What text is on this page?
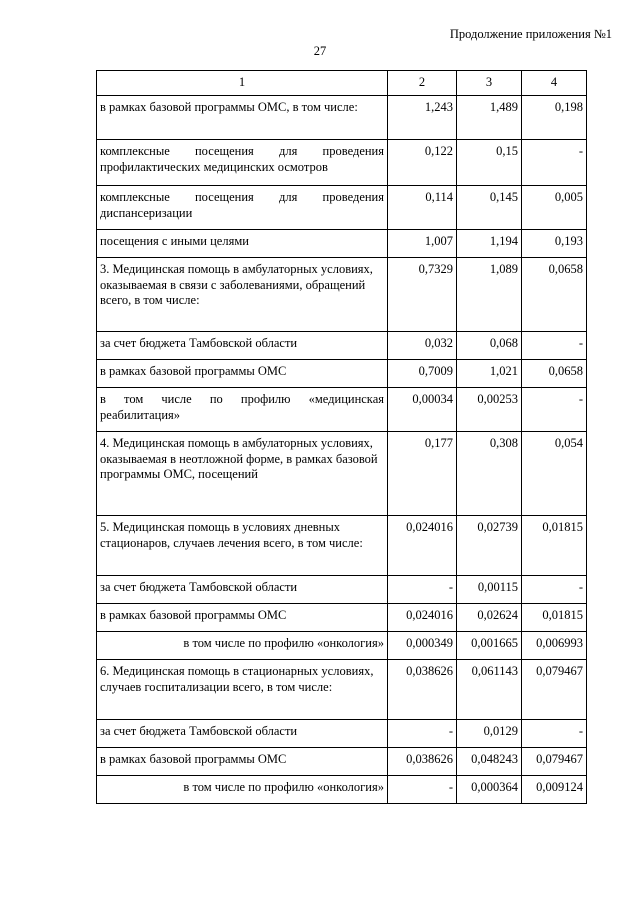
Продолжение приложения №1
27
1	2	3	4
в рамках базовой программы ОМС, в том числе:	1,243	1,489	0,198
комплексные посещения для проведения профилактических медицинских осмотров	0,122	0,15	-
комплексные посещения для проведения диспансеризации	0,114	0,145	0,005
посещения с иными целями	1,007	1,194	0,193
3. Медицинская помощь в амбулаторных условиях, оказываемая в связи с заболеваниями, обращений всего, в том числе:	0,7329	1,089	0,0658
за счет бюджета Тамбовской области	0,032	0,068	-
в рамках базовой программы ОМС	0,7009	1,021	0,0658
в том числе по профилю «медицинская реабилитация»	0,00034	0,00253	-
4. Медицинская помощь в амбулаторных условиях, оказываемая в неотложной форме, в рамках базовой программы ОМС, посещений	0,177	0,308	0,054
5. Медицинская помощь в условиях дневных стационаров, случаев лечения всего, в том числе:	0,024016	0,02739	0,01815
за счет бюджета Тамбовской области	-	0,00115	-
в рамках базовой программы ОМС	0,024016	0,02624	0,01815
в том числе по профилю «онкология»	0,000349	0,001665	0,006993
6. Медицинская помощь в стационарных условиях, случаев госпитализации всего, в том числе:	0,038626	0,061143	0,079467
за счет бюджета Тамбовской области	-	0,0129	-
в рамках базовой программы ОМС	0,038626	0,048243	0,079467
в том числе по профилю «онкология»	-	0,000364	0,009124
